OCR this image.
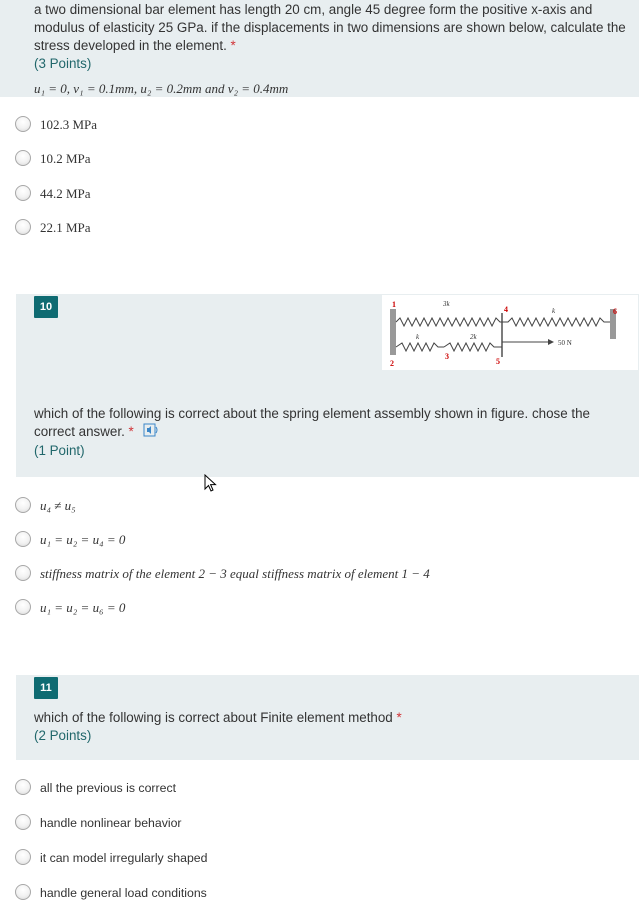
a two dimensional bar element has length 20 cm, angle 45 degree form the positive x-axis and modulus of elasticity 25 GPa. if the displacements in two dimensions are shown below, calculate the stress developed in the element. *
(3 Points)
u₁ = 0, v₁ = 0.1mm, u₂ = 0.2mm and v₂ = 0.4mm
102.3 MPa
10.2 MPa
44.2 MPa
22.1 MPa
10	1
2
3
4
5
6
3k
k	2k
k
50 N
which of the following is correct about the spring element assembly shown in figure. chose the correct answer. *
(1 Point)
u₄ ≠ u₅
u₁ = u₂ = u₄ = 0
stiffness matrix of the element 2 − 3 equal stiffness matrix of element 1 − 4
u₁ = u₂ = u₆ = 0
11
which of the following is correct about Finite element method *
(2 Points)
all the previous is correct
handle nonlinear behavior
it can model irregularly shaped
handle general load conditions
